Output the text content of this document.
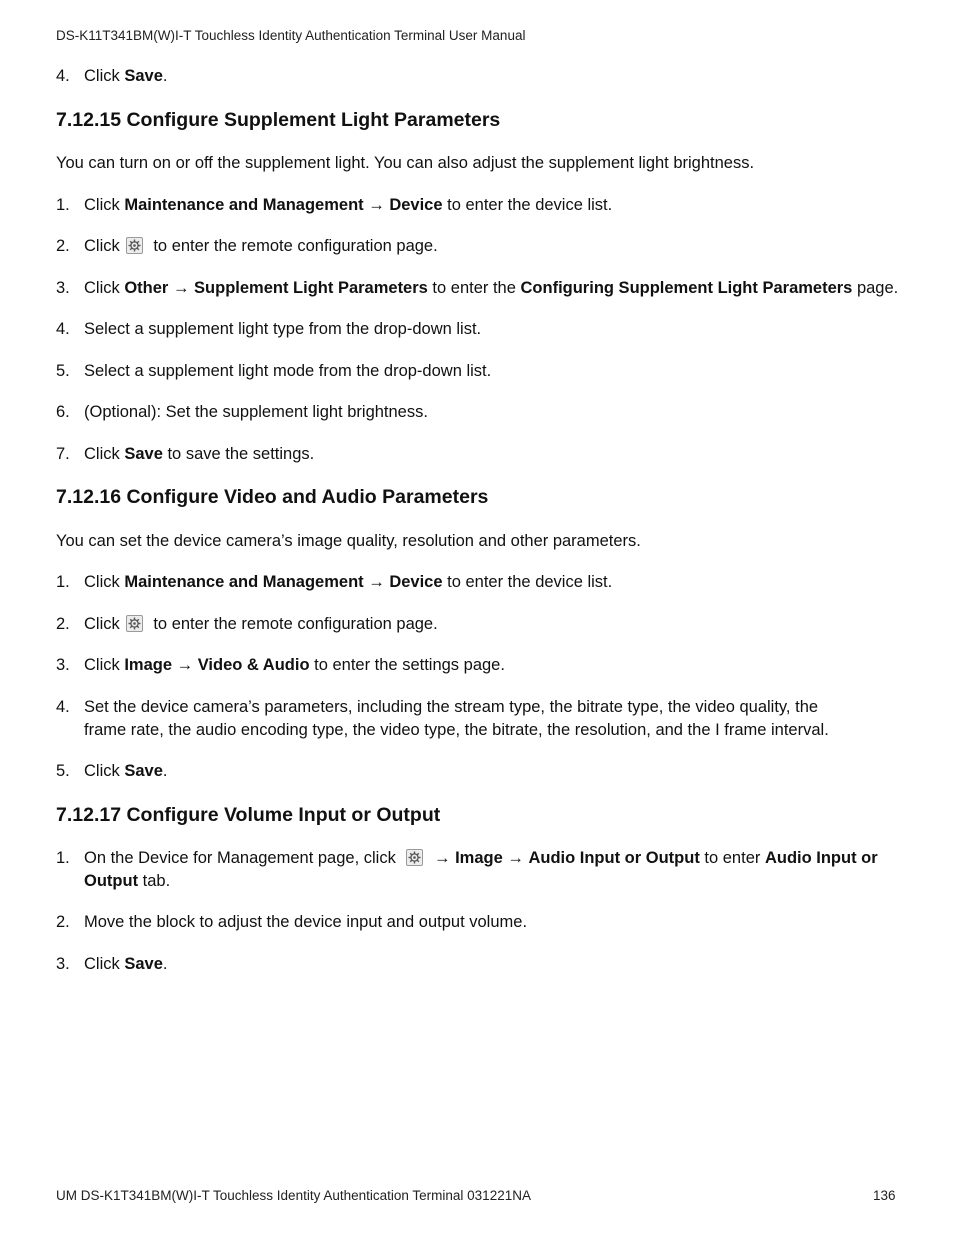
DS-K11T341BM(W)I-T Touchless Identity Authentication Terminal User Manual
4. Click Save.
7.12.15 Configure Supplement Light Parameters
You can turn on or off the supplement light. You can also adjust the supplement light brightness.
1. Click Maintenance and Management → Device to enter the device list.
2. Click to enter the remote configuration page.
3. Click Other → Supplement Light Parameters to enter the Configuring Supplement Light Parameters page.
4. Select a supplement light type from the drop-down list.
5. Select a supplement light mode from the drop-down list.
6. (Optional): Set the supplement light brightness.
7. Click Save to save the settings.
7.12.16 Configure Video and Audio Parameters
You can set the device camera’s image quality, resolution and other parameters.
1. Click Maintenance and Management → Device to enter the device list.
2. Click to enter the remote configuration page.
3. Click Image → Video & Audio to enter the settings page.
4. Set the device camera’s parameters, including the stream type, the bitrate type, the video quality, the
frame rate, the audio encoding type, the video type, the bitrate, the resolution, and the I frame interval.
5. Click Save.
7.12.17 Configure Volume Input or Output
1. On the Device for Management page, click
→ Image → Audio Input or Output to enter Audio Input or
Output tab.
2. Move the block to adjust the device input and output volume.
3. Click Save.
UM DS-K1T341BM(W)I-T Touchless Identity Authentication Terminal 031221NA	136
